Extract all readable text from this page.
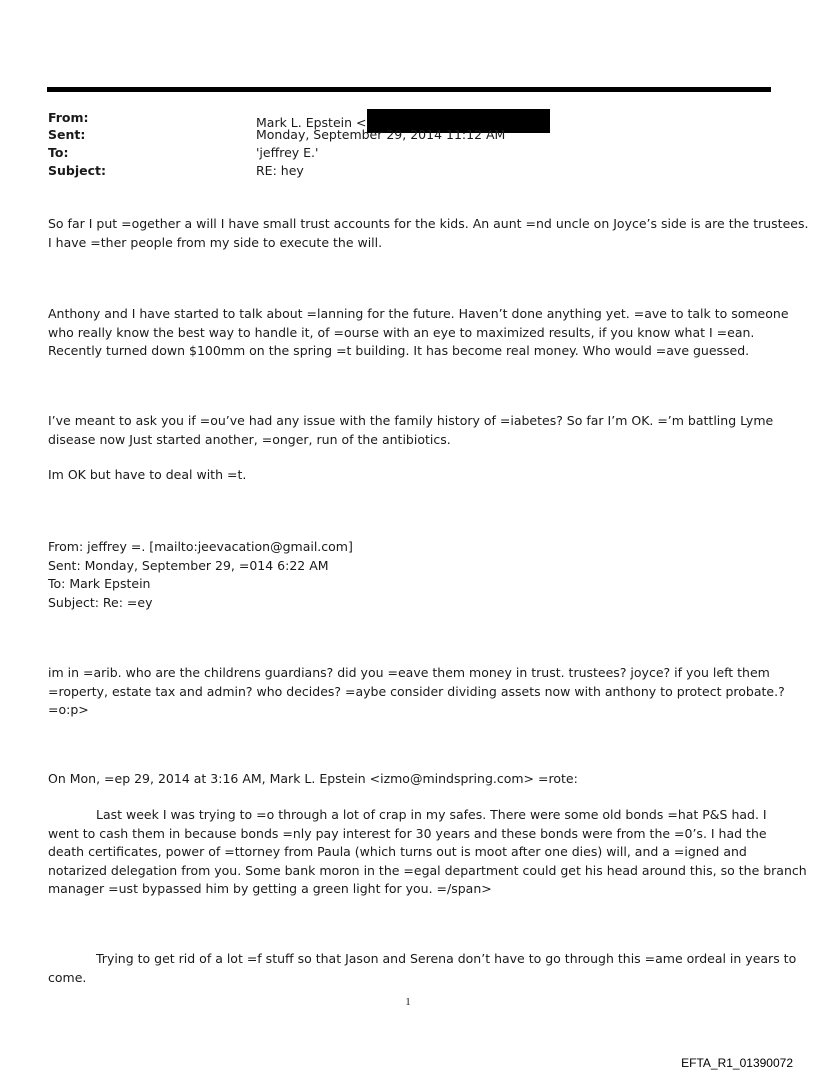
From:	Mark L. Epstein <
Sent:	Monday, September 29, 2014 11:12 AM
To:	'jeffrey E.'
Subject:	RE: hey
So far I put =ogether a will I have small trust accounts for the kids. An aunt =nd uncle on Joyce’s side is are the trustees.
I have =ther people from my side to execute the will.
Anthony and I have started to talk about =lanning for the future. Haven’t done anything yet. =ave to talk to someone
who really know the best way to handle it, of =ourse with an eye to maximized results, if you know what I =ean.
Recently turned down $100mm on the spring =t building. It has become real money. Who would =ave guessed.
I’ve meant to ask you if =ou’ve had any issue with the family history of =iabetes? So far I’m OK. =’m battling Lyme
disease now Just started another, =onger, run of the antibiotics.
Im OK but have to deal with =t.
From: jeffrey =. [mailto:jeevacation@gmail.com]
Sent: Monday, September 29, =014 6:22 AM
To: Mark Epstein
Subject: Re: =ey
im in =arib. who are the childrens guardians? did you =eave them money in trust. trustees? joyce? if you left them
=roperty, estate tax and admin? who decides? =aybe consider dividing assets now with anthony to protect probate.?
=o:p>
On Mon, =ep 29, 2014 at 3:16 AM, Mark L. Epstein <izmo@mindspring.com> =rote:
Last week I was trying to =o through a lot of crap in my safes. There were some old bonds =hat P&S had. I
went to cash them in because bonds =nly pay interest for 30 years and these bonds were from the =0’s. I had the
death certificates, power of =ttorney from Paula (which turns out is moot after one dies) will, and a =igned and
notarized delegation from you. Some bank moron in the =egal department could get his head around this, so the branch
manager =ust bypassed him by getting a green light for you. =/span>
Trying to get rid of a lot =f stuff so that Jason and Serena don’t have to go through this =ame ordeal in years to
come.
1
EFTA_R1_01390072
